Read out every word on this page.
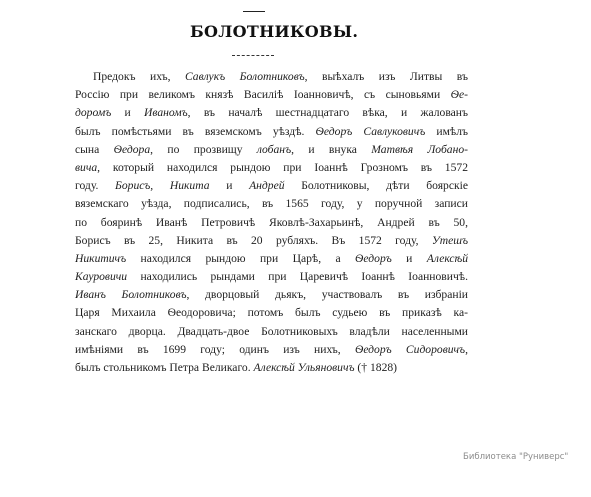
БОЛОТНИКОВЫ.
Предокъ ихъ, Савлукъ Болотниковъ, выѣхалъ изъ Литвы въ
Россію при великомъ князѣ Василіѣ Іоанновичѣ, съ сыновьями Ѳе-
доромъ и Иваномъ, въ началѣ шестнадцатаго вѣка, и жалованъ
былъ помѣстьями въ вяземскомъ уѣздѣ. Ѳедоръ Савлуковичъ имѣлъ
сына Ѳедора, по прозвищу лобанъ, и внука Матвѣя Лобанo-
вича, который находился рындою при Іоаннѣ Грозномъ въ 1572
году. Борисъ, Никита и Андрей Болотниковы, дѣти боярскіе
вяземскаго уѣзда, подписались, въ 1565 году, у поручной записи
по бояринѣ Иванѣ Петровичѣ Яковлѣ-Захарьинѣ, Андрей въ 50,
Борисъ въ 25, Никита въ 20 рубляхъ. Въ 1572 году, Утешъ
Никитичъ находился рындою при Царѣ, а Ѳедоръ и Алексѣй
Кауровичи находились рындами при Царевичѣ Іоаннѣ Іоанновичѣ.
Иванъ Болотниковъ, дворцовый дьякъ, участвовалъ въ избраніи
Царя Михаила Ѳеодоровича; потомъ былъ судьею въ приказѣ ка-
занскаго дворца. Двадцать-двое Болотниковыхъ владѣли населенными
имѣніями въ 1699 году; одинъ изъ нихъ, Ѳедоръ Сидоровичъ,
былъ стольникомъ Петра Великаго. Алексѣй Ульяновичъ († 1828)
Библиотека "Руниверс"
